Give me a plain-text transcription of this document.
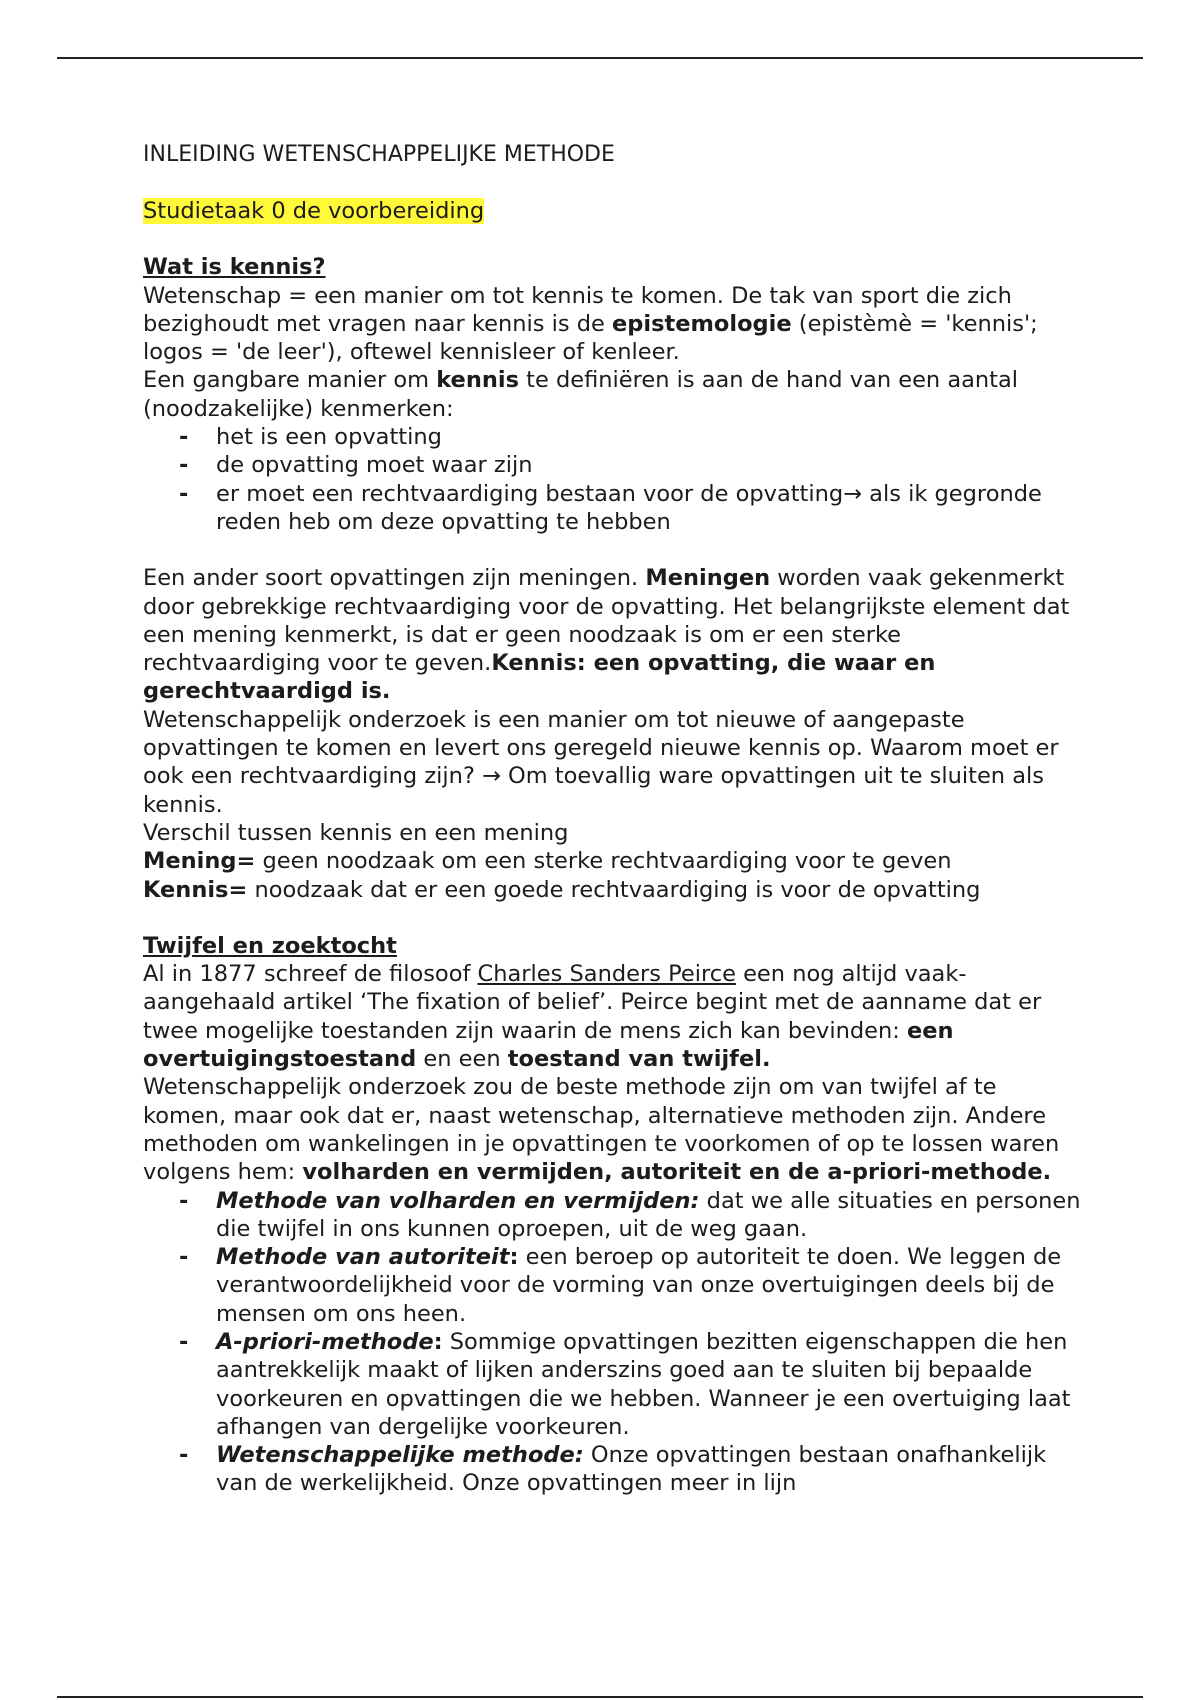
INLEIDING WETENSCHAPPELIJKE METHODE

Studietaak 0 de voorbereiding

Wat is kennis?

Wetenschap = een manier om tot kennis te komen. De tak van sport die zich bezighoudt met vragen naar kennis is de epistemologie (epistèmè = 'kennis'; logos = 'de leer'), oftewel kennisleer of kenleer.

Een gangbare manier om kennis te definiëren is aan de hand van een aantal (noodzakelijke) kenmerken:

- het is een opvatting
- de opvatting moet waar zijn
- er moet een rechtvaardiging bestaan voor de opvatting→ als ik gegronde reden heb om deze opvatting te hebben

Een ander soort opvattingen zijn meningen. Meningen worden vaak gekenmerkt door gebrekkige rechtvaardiging voor de opvatting. Het belangrijkste element dat een mening kenmerkt, is dat er geen noodzaak is om er een sterke rechtvaardiging voor te geven.Kennis: een opvatting, die waar en gerechtvaardigd is.

Wetenschappelijk onderzoek is een manier om tot nieuwe of aangepaste opvattingen te komen en levert ons geregeld nieuwe kennis op. Waarom moet er ook een rechtvaardiging zijn? → Om toevallig ware opvattingen uit te sluiten als kennis.

Verschil tussen kennis en een mening

Mening= geen noodzaak om een sterke rechtvaardiging voor te geven

Kennis= noodzaak dat er een goede rechtvaardiging is voor de opvatting

Twijfel en zoektocht

Al in 1877 schreef de filosoof Charles Sanders Peirce een nog altijd vaak-aangehaald artikel ‘The fixation of belief’. Peirce begint met de aanname dat er twee mogelijke toestanden zijn waarin de mens zich kan bevinden: een overtuigingstoestand en een toestand van twijfel.

Wetenschappelijk onderzoek zou de beste methode zijn om van twijfel af te komen, maar ook dat er, naast wetenschap, alternatieve methoden zijn. Andere methoden om wankelingen in je opvattingen te voorkomen of op te lossen waren volgens hem: volharden en vermijden, autoriteit en de a-priori-methode.

- Methode van volharden en vermijden: dat we alle situaties en personen die twijfel in ons kunnen oproepen, uit de weg gaan.
- Methode van autoriteit: een beroep op autoriteit te doen. We leggen de verantwoordelijkheid voor de vorming van onze overtuigingen deels bij de mensen om ons heen.
- A-priori-methode: Sommige opvattingen bezitten eigenschappen die hen aantrekkelijk maakt of lijken anderszins goed aan te sluiten bij bepaalde voorkeuren en opvattingen die we hebben. Wanneer je een overtuiging laat afhangen van dergelijke voorkeuren.
- Wetenschappelijke methode: Onze opvattingen bestaan onafhankelijk van de werkelijkheid. Onze opvattingen meer in lijn
